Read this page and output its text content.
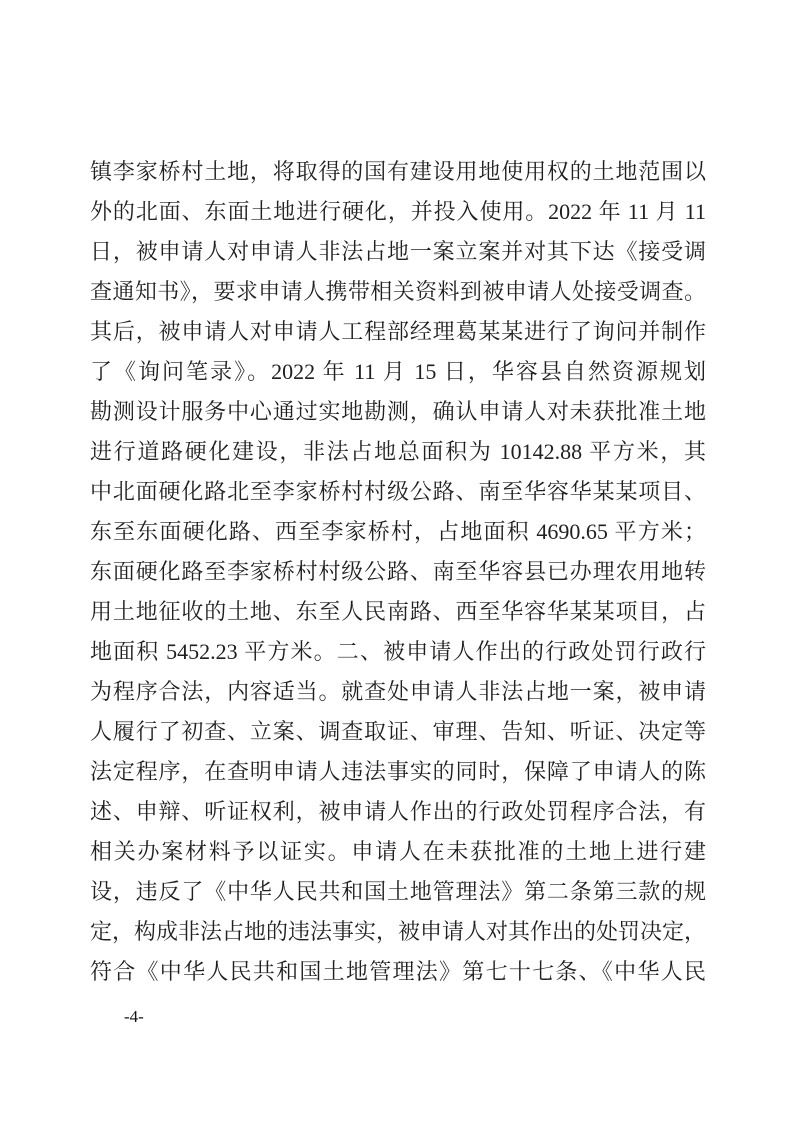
镇李家桥村土地，将取得的国有建设用地使用权的土地范围以
外的北面、东面土地进行硬化，并投入使用。2022 年 11 月 11
日，被申请人对申请人非法占地一案立案并对其下达《接受调
查通知书》，要求申请人携带相关资料到被申请人处接受调查。
其后，被申请人对申请人工程部经理葛某某进行了询问并制作
了《询问笔录》。2022 年 11 月 15 日，华容县自然资源规划
勘测设计服务中心通过实地勘测，确认申请人对未获批准土地
进行道路硬化建设，非法占地总面积为 10142.88 平方米，其
中北面硬化路北至李家桥村村级公路、南至华容华某某项目、
东至东面硬化路、西至李家桥村，占地面积 4690.65 平方米；
东面硬化路至李家桥村村级公路、南至华容县已办理农用地转
用土地征收的土地、东至人民南路、西至华容华某某项目，占
地面积 5452.23 平方米。二、被申请人作出的行政处罚行政行
为程序合法，内容适当。就查处申请人非法占地一案，被申请
人履行了初查、立案、调查取证、审理、告知、听证、决定等
法定程序，在查明申请人违法事实的同时，保障了申请人的陈
述、申辩、听证权利，被申请人作出的行政处罚程序合法，有
相关办案材料予以证实。申请人在未获批准的土地上进行建
设，违反了《中华人民共和国土地管理法》第二条第三款的规
定，构成非法占地的违法事实，被申请人对其作出的处罚决定，
符合《中华人民共和国土地管理法》第七十七条、《中华人民
-4-
